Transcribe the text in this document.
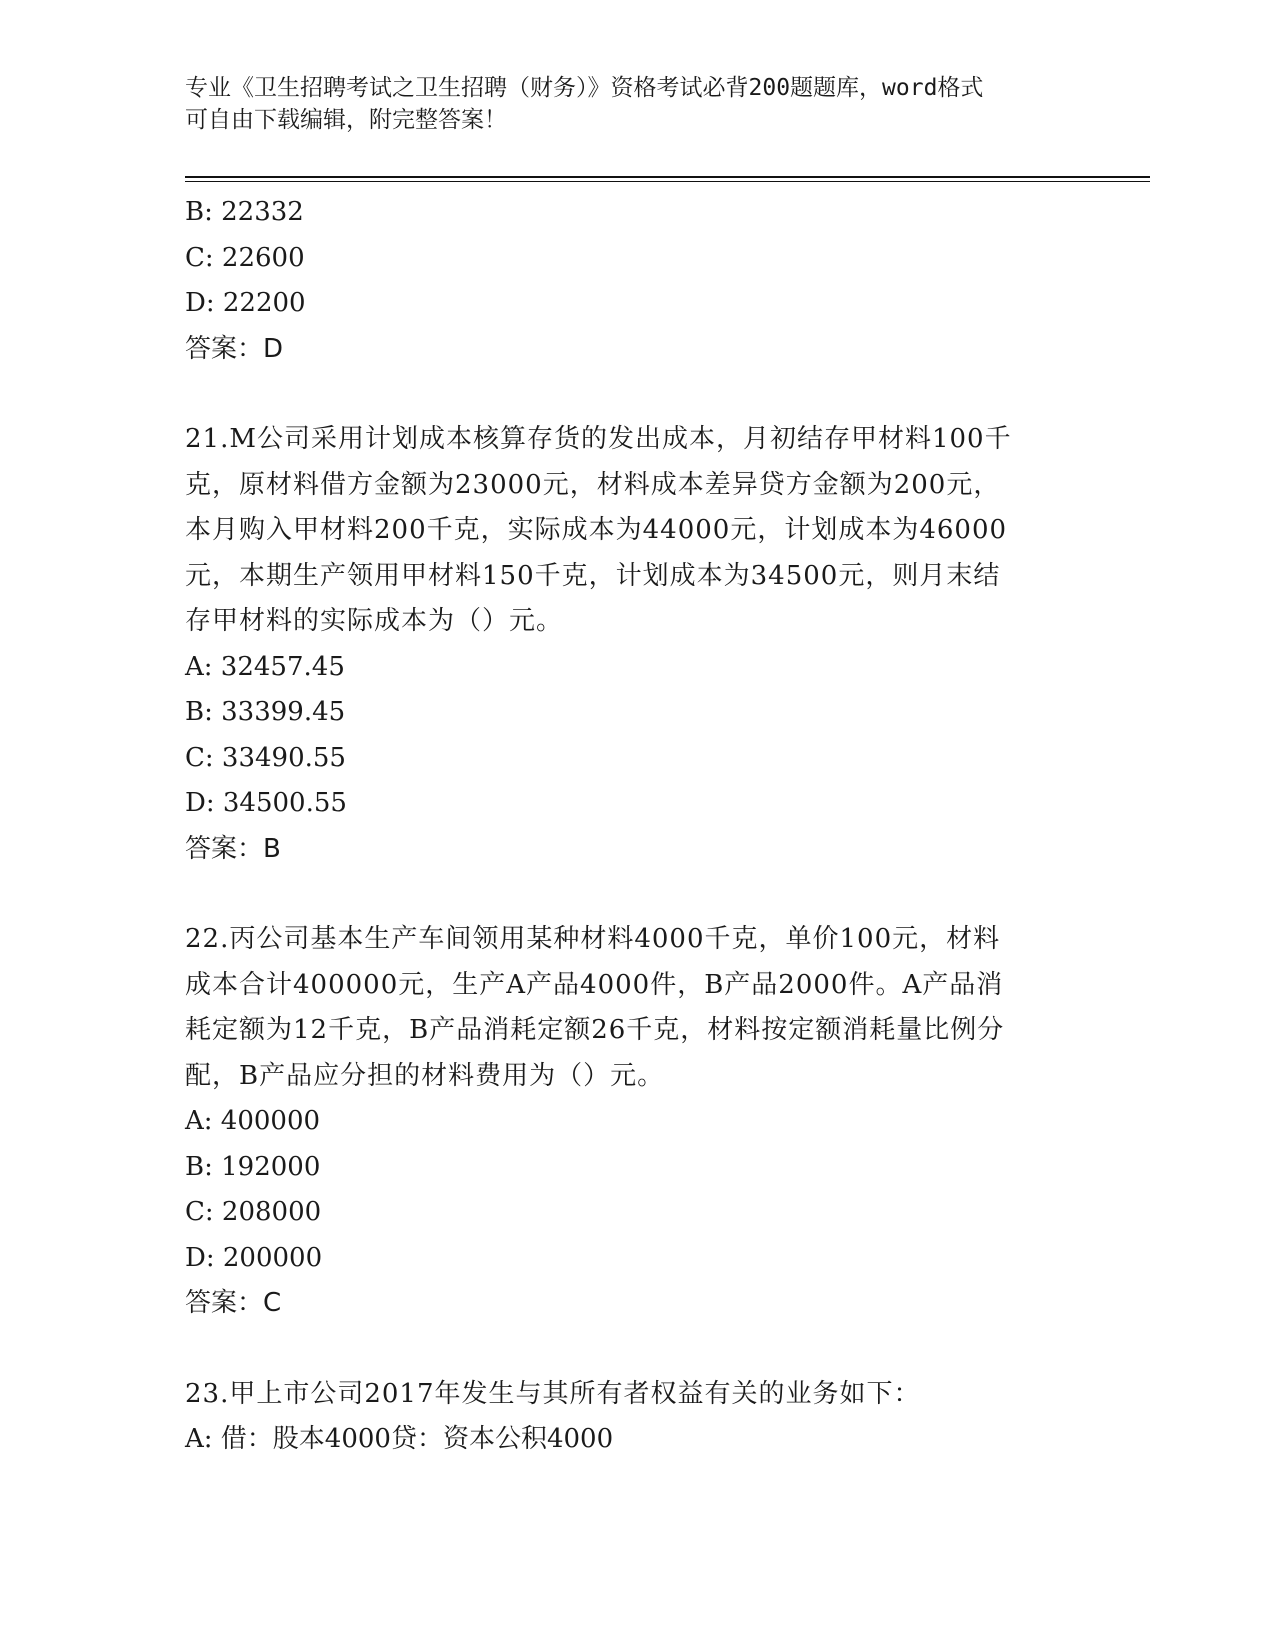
专业《卫生招聘考试之卫生招聘（财务）》资格考试必背200题题库，word格式
可自由下载编辑，附完整答案！
B: 22332
C: 22600
D: 22200
答案：D
21.M公司采用计划成本核算存货的发出成本，月初结存甲材料100千
克，原材料借方金额为23000元，材料成本差异贷方金额为200元，
本月购入甲材料200千克，实际成本为44000元，计划成本为46000
元，本期生产领用甲材料150千克，计划成本为34500元，则月末结
存甲材料的实际成本为（）元。
A: 32457.45
B: 33399.45
C: 33490.55
D: 34500.55
答案：B
22.丙公司基本生产车间领用某种材料4000千克，单价100元，材料
成本合计400000元，生产A产品4000件，B产品2000件。A产品消
耗定额为12千克，B产品消耗定额26千克，材料按定额消耗量比例分
配，B产品应分担的材料费用为（）元。
A: 400000
B: 192000
C: 208000
D: 200000
答案：C
23.甲上市公司2017年发生与其所有者权益有关的业务如下：
A: 借：股本4000贷：资本公积4000
